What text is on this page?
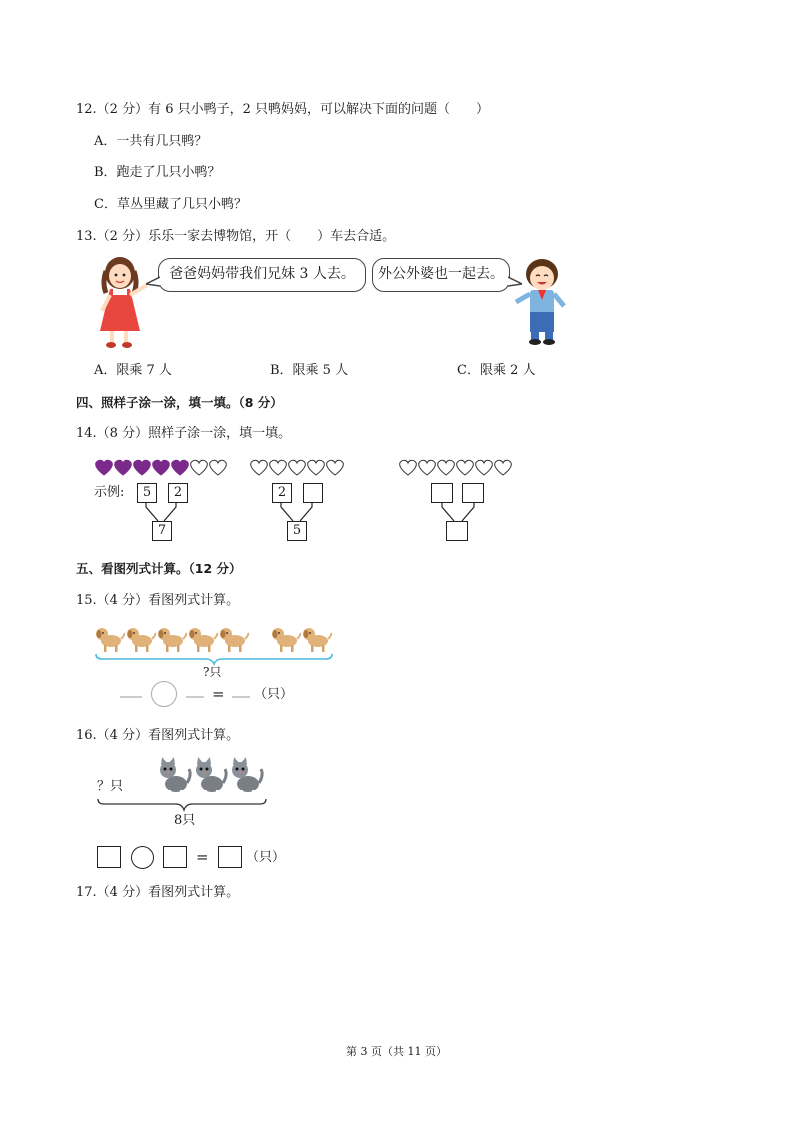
12.（2 分）有 6 只小鸭子，2 只鸭妈妈，可以解决下面的问题（　　）
A．一共有几只鸭？
B．跑走了几只小鸭？
C．草丛里藏了几只小鸭？
13.（2 分）乐乐一家去博物馆，开（　　）车去合适。
爸爸妈妈带我们兄妹 3 人去。	外公外婆也一起去。
A．限乘 7 人	B．限乘 5 人	C．限乘 2 人
四、照样子涂一涂，填一填。（8 分）
14.（8 分）照样子涂一涂，填一填。
示例:	5	2
7
2
5
五、看图列式计算。（12 分）
15.（4 分）看图列式计算。
?只
= （只）
16.（4 分）看图列式计算。
？只
8只
=	（只）
17.（4 分）看图列式计算。
第 3 页（共 11 页）
